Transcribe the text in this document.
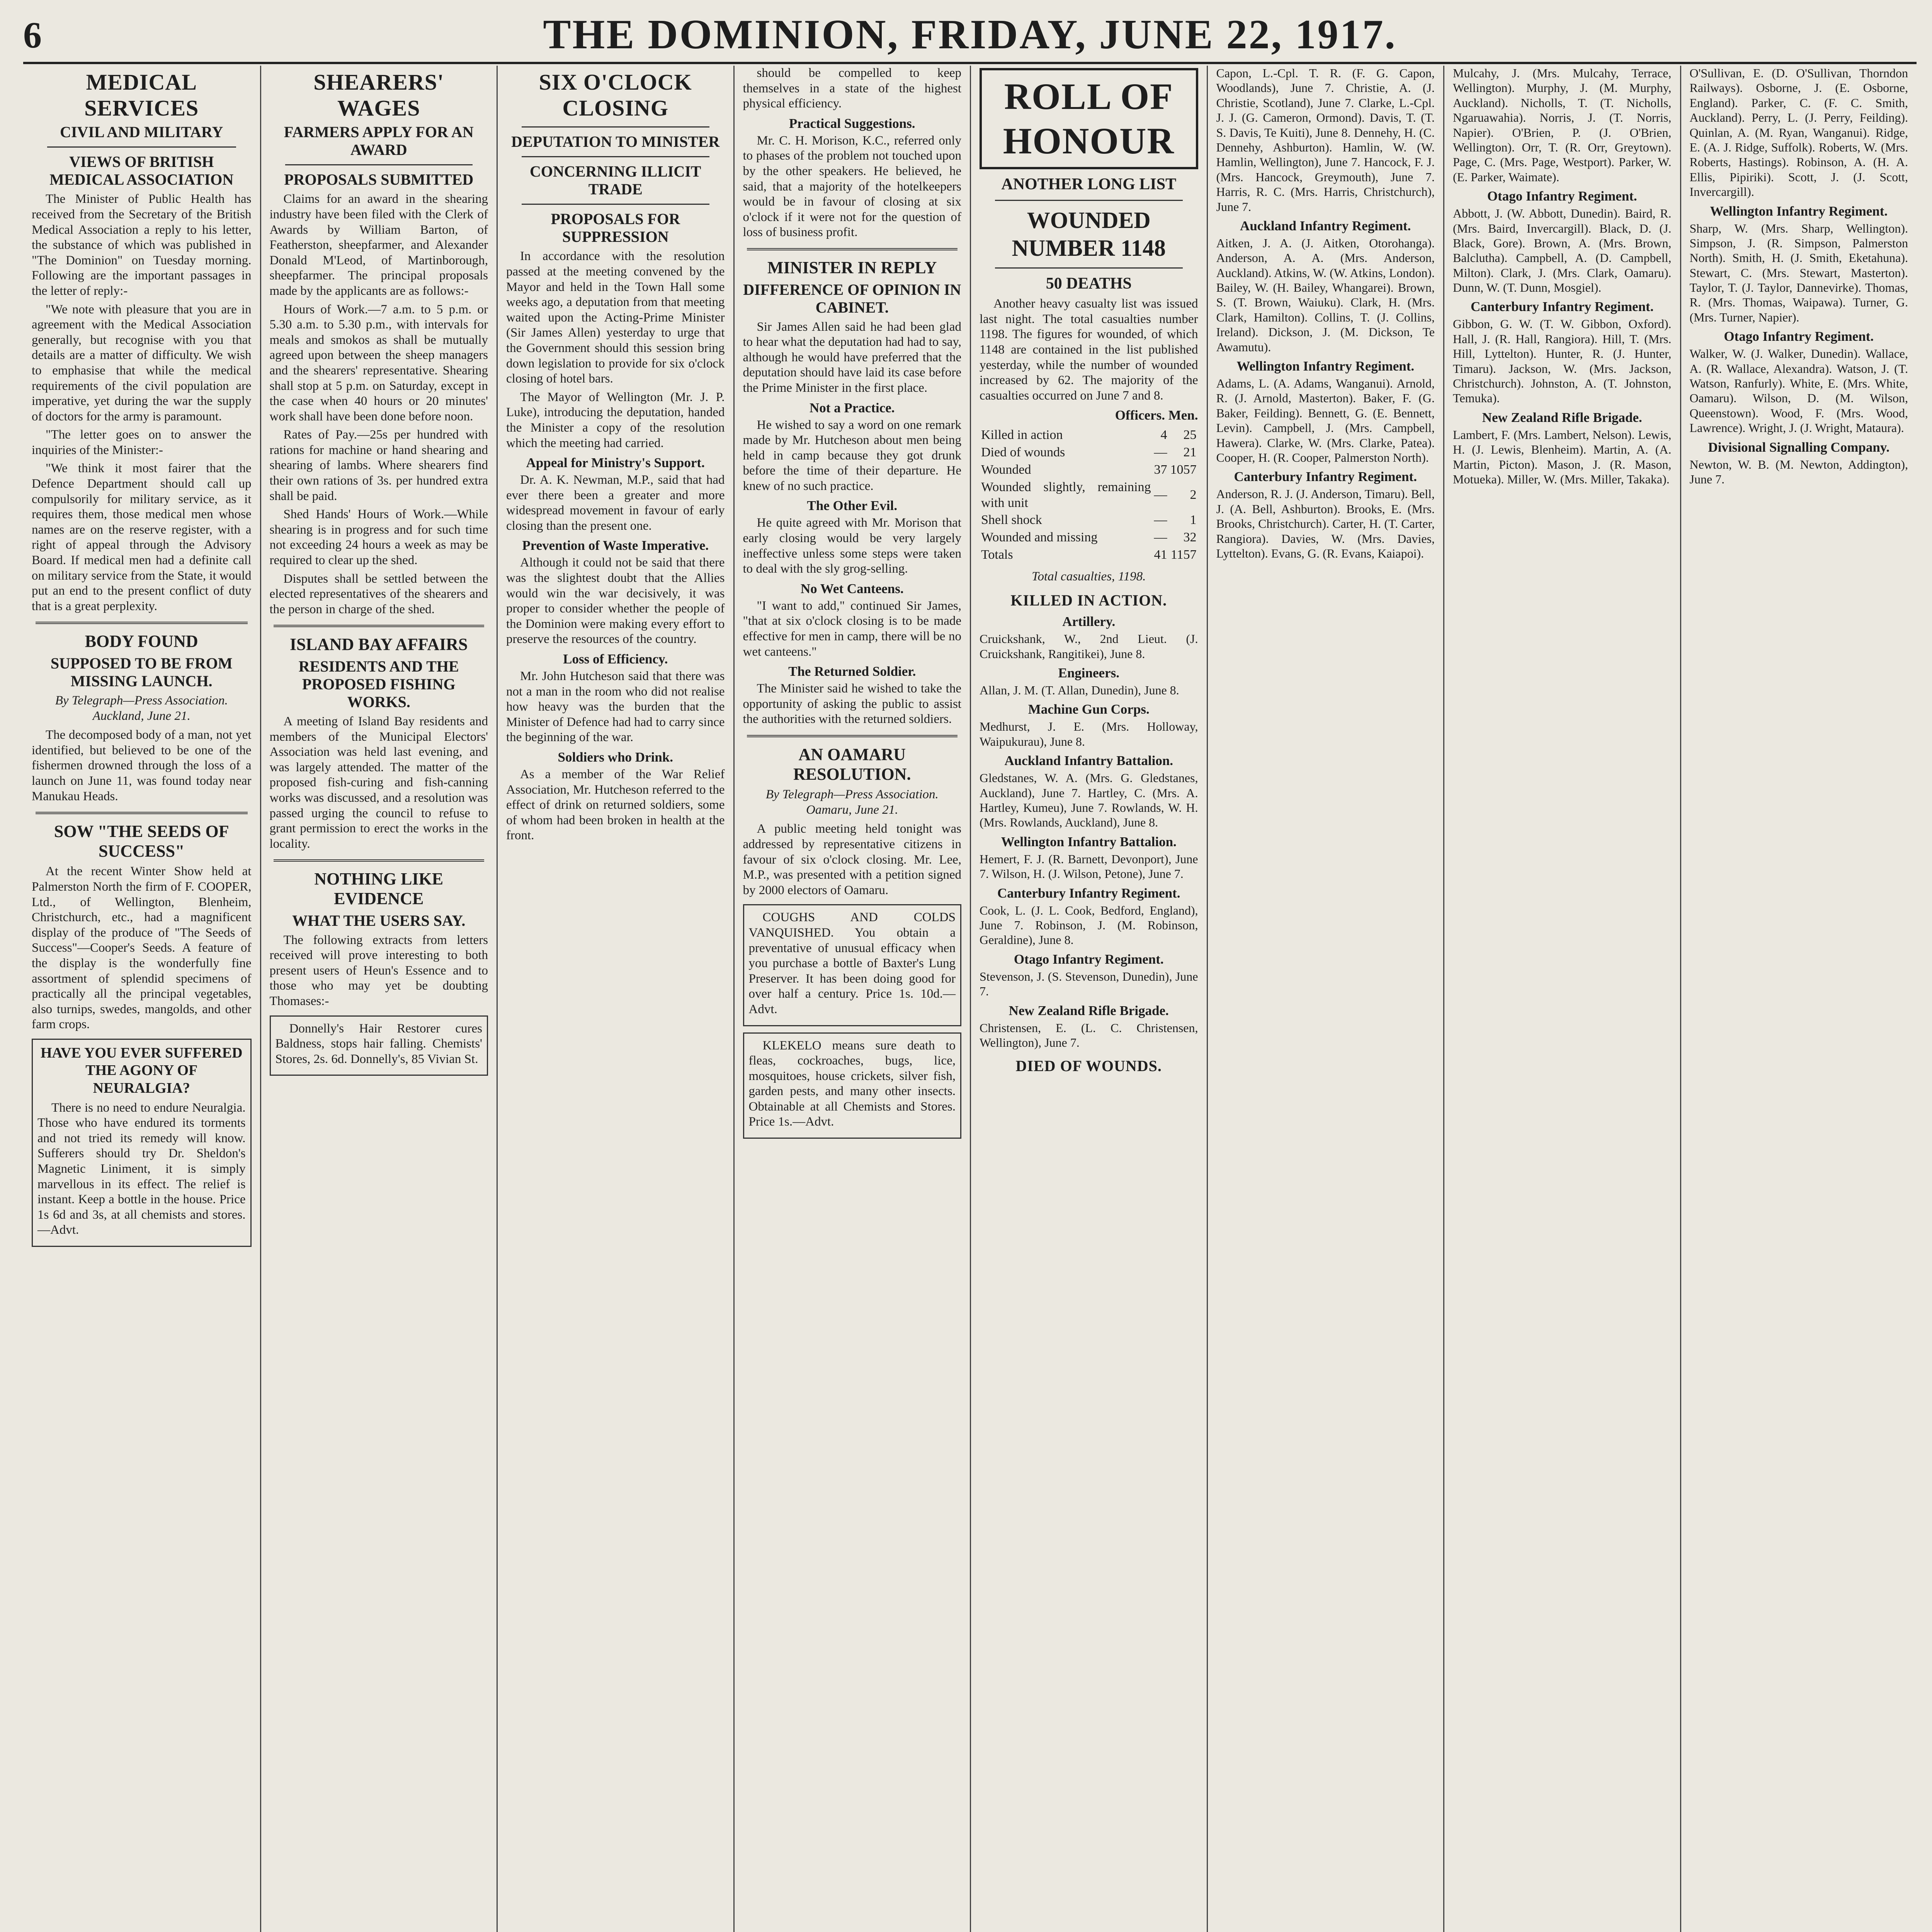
6	THE DOMINION, FRIDAY, JUNE 22, 1917.
MEDICAL SERVICES
CIVIL AND MILITARY
VIEWS OF BRITISH MEDICAL ASSOCIATION

The Minister of Public Health has received from the Secretary of the British Medical Association a reply to his letter, the substance of which was published in "The Dominion" on Tuesday morning. Following are the important passages in the letter of reply:-

"We note with pleasure that you are in agreement with the Medical Association generally, but recognise with you that details are a matter of difficulty. We wish to emphasise that while the medical requirements of the civil population are imperative, yet during the war the supply of doctors for the army is paramount.

"The letter goes on to answer the inquiries of the Minister:-

"We think it most fairer that the Defence Department should call up compulsorily for military service, as it requires them, those medical men whose names are on the reserve register, with a right of appeal through the Advisory Board. If medical men had a definite call on military service from the State, it would put an end to the present conflict of duty that is a great perplexity.

BODY FOUND
SUPPOSED TO BE FROM MISSING LAUNCH.

By Telegraph—Press Association. Auckland, June 21.

The decomposed body of a man, not yet identified, but believed to be one of the fishermen drowned through the loss of a launch on June 11, was found today near Manukau Heads.

SOW "THE SEEDS OF SUCCESS"

At the recent Winter Show held at Palmerston North the firm of F. COOPER, Ltd., of Wellington, Blenheim, Christchurch, etc., had a magnificent display of the produce of "The Seeds of Success"—Cooper's Seeds. A feature of the display is the wonderfully fine assortment of splendid specimens of practically all the principal vegetables, also turnips, swedes, mangolds, and other farm crops.

HAVE YOU EVER SUFFERED THE AGONY OF NEURALGIA?

There is no need to endure Neuralgia. Those who have endured its torments and not tried its remedy will know. Sufferers should try Dr. Sheldon's Magnetic Liniment, it is simply marvellous in its effect. The relief is instant. Keep a bottle in the house. Price 1s 6d and 3s, at all chemists and stores.—Advt.

SHEARERS' WAGES
FARMERS APPLY FOR AN AWARD
PROPOSALS SUBMITTED

Claims for an award in the shearing industry have been filed with the Clerk of Awards by William Barton, of Featherston, sheepfarmer, and Alexander Donald M'Leod, of Martinborough, sheepfarmer. The principal proposals made by the applicants are as follows:-

Hours of Work.—7 a.m. to 5 p.m. or 5.30 a.m. to 5.30 p.m., with intervals for meals and smokos as shall be mutually agreed upon between the sheep managers and the shearers' representative. Shearing shall stop at 5 p.m. on Saturday, except in the case when 40 hours or 20 minutes' work shall have been done before noon.

Rates of Pay.—25s per hundred with rations for machine or hand shearing and shearing of lambs. Where shearers find their own rations of 3s. per hundred extra shall be paid.

Shed Hands' Hours of Work.—While shearing is in progress and for such time not exceeding 24 hours a week as may be required to clear up the shed.

Disputes shall be settled between the elected representatives of the shearers and the person in charge of the shed.

ISLAND BAY AFFAIRS
RESIDENTS AND THE PROPOSED FISHING WORKS.

A meeting of Island Bay residents and members of the Municipal Electors' Association was held last evening, and was largely attended. The matter of the proposed fish-curing and fish-canning works was discussed, and a resolution was passed urging the council to refuse to grant permission to erect the works in the locality.

NOTHING LIKE EVIDENCE
WHAT THE USERS SAY.

The following extracts from letters received will prove interesting to both present users of Heun's Essence and to those who may yet be doubting Thomases:-

Donnelly's Hair Restorer cures Baldness, stops hair falling. Chemists' Stores, 2s. 6d. Donnelly's, 85 Vivian St.

SIX O'CLOCK CLOSING
DEPUTATION TO MINISTER
CONCERNING ILLICIT TRADE
PROPOSALS FOR SUPPRESSION

In accordance with the resolution passed at the meeting convened by the Mayor and held in the Town Hall some weeks ago, a deputation from that meeting waited upon the Acting-Prime Minister (Sir James Allen) yesterday to urge that the Government should this session bring down legislation to provide for six o'clock closing of hotel bars.

The Mayor of Wellington (Mr. J. P. Luke), introducing the deputation, handed the Minister a copy of the resolution which the meeting had carried.

Appeal for Ministry's Support.

Dr. A. K. Newman, M.P., said that had ever there been a greater and more widespread movement in favour of early closing than the present one.

Prevention of Waste Imperative.

Although it could not be said that there was the slightest doubt that the Allies would win the war decisively, it was proper to consider whether the people of the Dominion were making every effort to preserve the resources of the country.

Loss of Efficiency.

Mr. John Hutcheson said that there was not a man in the room who did not realise how heavy was the burden that the Minister of Defence had had to carry since the beginning of the war.

Soldiers who Drink.

As a member of the War Relief Association, Mr. Hutcheson referred to the effect of drink on returned soldiers, some of whom had been broken in health at the front.

should be compelled to keep themselves in a state of the highest physical efficiency.

Practical Suggestions.

Mr. C. H. Morison, K.C., referred only to phases of the problem not touched upon by the other speakers. He believed, he said, that a majority of the hotelkeepers would be in favour of closing at six o'clock if it were not for the question of loss of business profit.

MINISTER IN REPLY
DIFFERENCE OF OPINION IN CABINET.

Sir James Allen said he had been glad to hear what the deputation had had to say, although he would have preferred that the deputation should have laid its case before the Prime Minister in the first place.

Not a Practice.

He wished to say a word on one remark made by Mr. Hutcheson about men being held in camp because they got drunk before the time of their departure. He knew of no such practice.

The Other Evil.

He quite agreed with Mr. Morison that early closing would be very largely ineffective unless some steps were taken to deal with the sly grog-selling.

No Wet Canteens.

"I want to add," continued Sir James, "that at six o'clock closing is to be made effective for men in camp, there will be no wet canteens."

The Returned Soldier.

The Minister said he wished to take the opportunity of asking the public to assist the authorities with the returned soldiers.

AN OAMARU RESOLUTION.

By Telegraph—Press Association. Oamaru, June 21.

A public meeting held tonight was addressed by representative citizens in favour of six o'clock closing. Mr. Lee, M.P., was presented with a petition signed by 2000 electors of Oamaru.

COUGHS AND COLDS VANQUISHED. You obtain a preventative of unusual efficacy when you purchase a bottle of Baxter's Lung Preserver. It has been doing good for over half a century. Price 1s. 10d.—Advt.

KLEKELO means sure death to fleas, cockroaches, bugs, lice, mosquitoes, house crickets, silver fish, garden pests, and many other insects. Obtainable at all Chemists and Stores. Price 1s.—Advt.

ROLL OF HONOUR
ANOTHER LONG LIST
WOUNDED NUMBER 1148
50 DEATHS

Another heavy casualty list was issued last night. The total casualties number 1198. The figures for wounded, of which 1148 are contained in the list published yesterday, while the number of wounded increased by 62. The majority of the casualties occurred on June 7 and 8.

Officers. Men.
Killed in action	4	25
Died of wounds	—	21
Wounded	37	1057
Wounded slightly, remaining with unit	—	2
Shell shock	—	1
Wounded and missing	—	32
Totals	41	1157

Total casualties, 1198.

KILLED IN ACTION.
Artillery.

Cruickshank, W., 2nd Lieut. (J. Cruickshank, Rangitikei), June 8.

Engineers.

Allan, J. M. (T. Allan, Dunedin), June 8.

Machine Gun Corps.

Medhurst, J. E. (Mrs. Holloway, Waipukurau), June 8.

Auckland Infantry Battalion.

Gledstanes, W. A. (Mrs. G. Gledstanes, Auckland), June 7. Hartley, C. (Mrs. A. Hartley, Kumeu), June 7. Rowlands, W. H. (Mrs. Rowlands, Auckland), June 8.

Wellington Infantry Battalion.

Hemert, F. J. (R. Barnett, Devonport), June 7. Wilson, H. (J. Wilson, Petone), June 7.

Canterbury Infantry Regiment.

Cook, L. (J. L. Cook, Bedford, England), June 7. Robinson, J. (M. Robinson, Geraldine), June 8.

Otago Infantry Regiment.

Stevenson, J. (S. Stevenson, Dunedin), June 7.

New Zealand Rifle Brigade.

Christensen, E. (L. C. Christensen, Wellington), June 7.

DIED OF WOUNDS.

Capon, L.-Cpl. T. R. (F. G. Capon, Woodlands), June 7. Christie, A. (J. Christie, Scotland), June 7. Clarke, L.-Cpl. J. J. (G. Cameron, Ormond). Davis, T. (T. S. Davis, Te Kuiti), June 8. Dennehy, H. (C. Dennehy, Ashburton). Hamlin, W. (W. Hamlin, Wellington), June 7. Hancock, F. J. (Mrs. Hancock, Greymouth), June 7. Harris, R. C. (Mrs. Harris, Christchurch), June 7.

Auckland Infantry Regiment.

Aitken, J. A. (J. Aitken, Otorohanga). Anderson, A. A. (Mrs. Anderson, Auckland). Atkins, W. (W. Atkins, London). Bailey, W. (H. Bailey, Whangarei). Brown, S. (T. Brown, Waiuku). Clark, H. (Mrs. Clark, Hamilton). Collins, T. (J. Collins, Ireland). Dickson, J. (M. Dickson, Te Awamutu).

Wellington Infantry Regiment.

Adams, L. (A. Adams, Wanganui). Arnold, R. (J. Arnold, Masterton). Baker, F. (G. Baker, Feilding). Bennett, G. (E. Bennett, Levin). Campbell, J. (Mrs. Campbell, Hawera). Clarke, W. (Mrs. Clarke, Patea). Cooper, H. (R. Cooper, Palmerston North).

Canterbury Infantry Regiment.

Anderson, R. J. (J. Anderson, Timaru). Bell, J. (A. Bell, Ashburton). Brooks, E. (Mrs. Brooks, Christchurch). Carter, H. (T. Carter, Rangiora). Davies, W. (Mrs. Davies, Lyttelton). Evans, G. (R. Evans, Kaiapoi).

Mulcahy, J. (Mrs. Mulcahy, Terrace, Wellington). Murphy, J. (M. Murphy, Auckland). Nicholls, T. (T. Nicholls, Ngaruawahia). Norris, J. (T. Norris, Napier). O'Brien, P. (J. O'Brien, Wellington). Orr, T. (R. Orr, Greytown). Page, C. (Mrs. Page, Westport). Parker, W. (E. Parker, Waimate).

Otago Infantry Regiment.

Abbott, J. (W. Abbott, Dunedin). Baird, R. (Mrs. Baird, Invercargill). Black, D. (J. Black, Gore). Brown, A. (Mrs. Brown, Balclutha). Campbell, A. (D. Campbell, Milton). Clark, J. (Mrs. Clark, Oamaru). Dunn, W. (T. Dunn, Mosgiel).

Canterbury Infantry Regiment.

Gibbon, G. W. (T. W. Gibbon, Oxford). Hall, J. (R. Hall, Rangiora). Hill, T. (Mrs. Hill, Lyttelton). Hunter, R. (J. Hunter, Timaru). Jackson, W. (Mrs. Jackson, Christchurch). Johnston, A. (T. Johnston, Temuka).

New Zealand Rifle Brigade.

Lambert, F. (Mrs. Lambert, Nelson). Lewis, H. (J. Lewis, Blenheim). Martin, A. (A. Martin, Picton). Mason, J. (R. Mason, Motueka). Miller, W. (Mrs. Miller, Takaka).

O'Sullivan, E. (D. O'Sullivan, Thorndon Railways). Osborne, J. (E. Osborne, England). Parker, C. (F. C. Smith, Auckland). Perry, L. (J. Perry, Feilding). Quinlan, A. (M. Ryan, Wanganui). Ridge, E. (A. J. Ridge, Suffolk). Roberts, W. (Mrs. Roberts, Hastings). Robinson, A. (H. A. Ellis, Pipiriki). Scott, J. (J. Scott, Invercargill).

Wellington Infantry Regiment.

Sharp, W. (Mrs. Sharp, Wellington). Simpson, J. (R. Simpson, Palmerston North). Smith, H. (J. Smith, Eketahuna). Stewart, C. (Mrs. Stewart, Masterton). Taylor, T. (J. Taylor, Dannevirke). Thomas, R. (Mrs. Thomas, Waipawa). Turner, G. (Mrs. Turner, Napier).

Otago Infantry Regiment.

Walker, W. (J. Walker, Dunedin). Wallace, A. (R. Wallace, Alexandra). Watson, J. (T. Watson, Ranfurly). White, E. (Mrs. White, Oamaru). Wilson, D. (M. Wilson, Queenstown). Wood, F. (Mrs. Wood, Lawrence). Wright, J. (J. Wright, Mataura).

Divisional Signalling Company.

Newton, W. B. (M. Newton, Addington), June 7.
